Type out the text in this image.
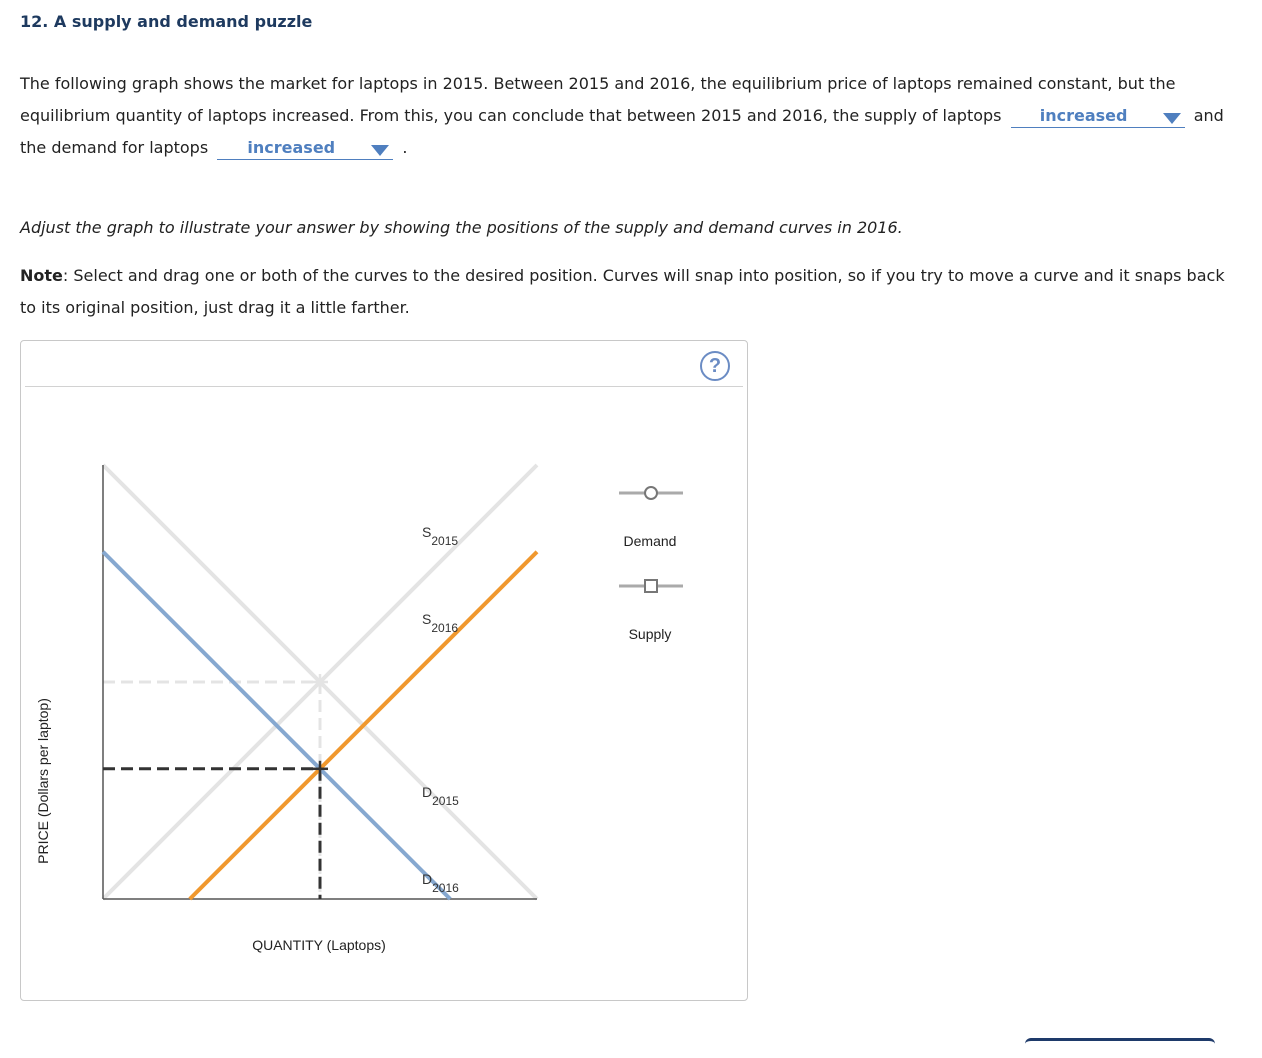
12. A supply and demand puzzle
The following graph shows the market for laptops in 2015. Between 2015 and 2016, the equilibrium price of laptops remained constant, but the equilibrium quantity of laptops increased. From this, you can conclude that between 2015 and 2016, the supply of laptops increased	and the demand for laptops increased	.
Adjust the graph to illustrate your answer by showing the positions of the supply and demand curves in 2016.
Note: Select and drag one or both of the curves to the desired position. Curves will snap into position, so if you try to move a curve and it snaps back to its original position, just drag it a little farther.
?
S2015
S2016
D2015
D2016
PRICE (Dollars per laptop)
QUANTITY (Laptops)
Demand
Supply
